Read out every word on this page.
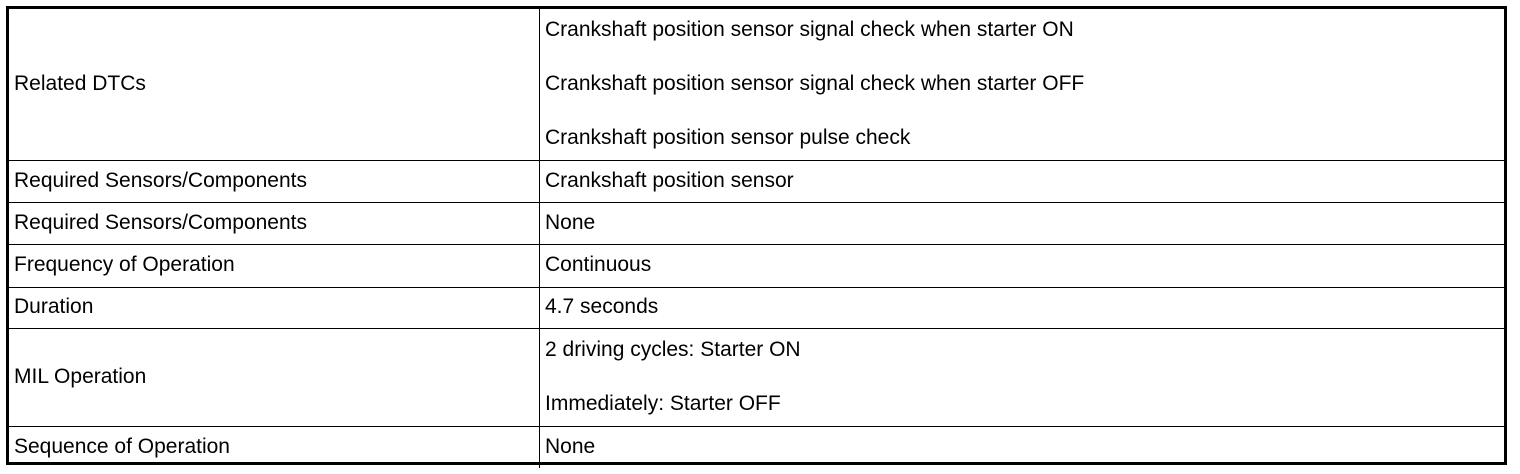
Related DTCs	Crankshaft position sensor signal check when starter ON
Crankshaft position sensor signal check when starter OFF
Crankshaft position sensor pulse check

Required Sensors/Components	Crankshaft position sensor
Required Sensors/Components	None
Frequency of Operation	Continuous
Duration	4.7 seconds
MIL Operation	2 driving cycles: Starter ON
Immediately: Starter OFF

Sequence of Operation	None
